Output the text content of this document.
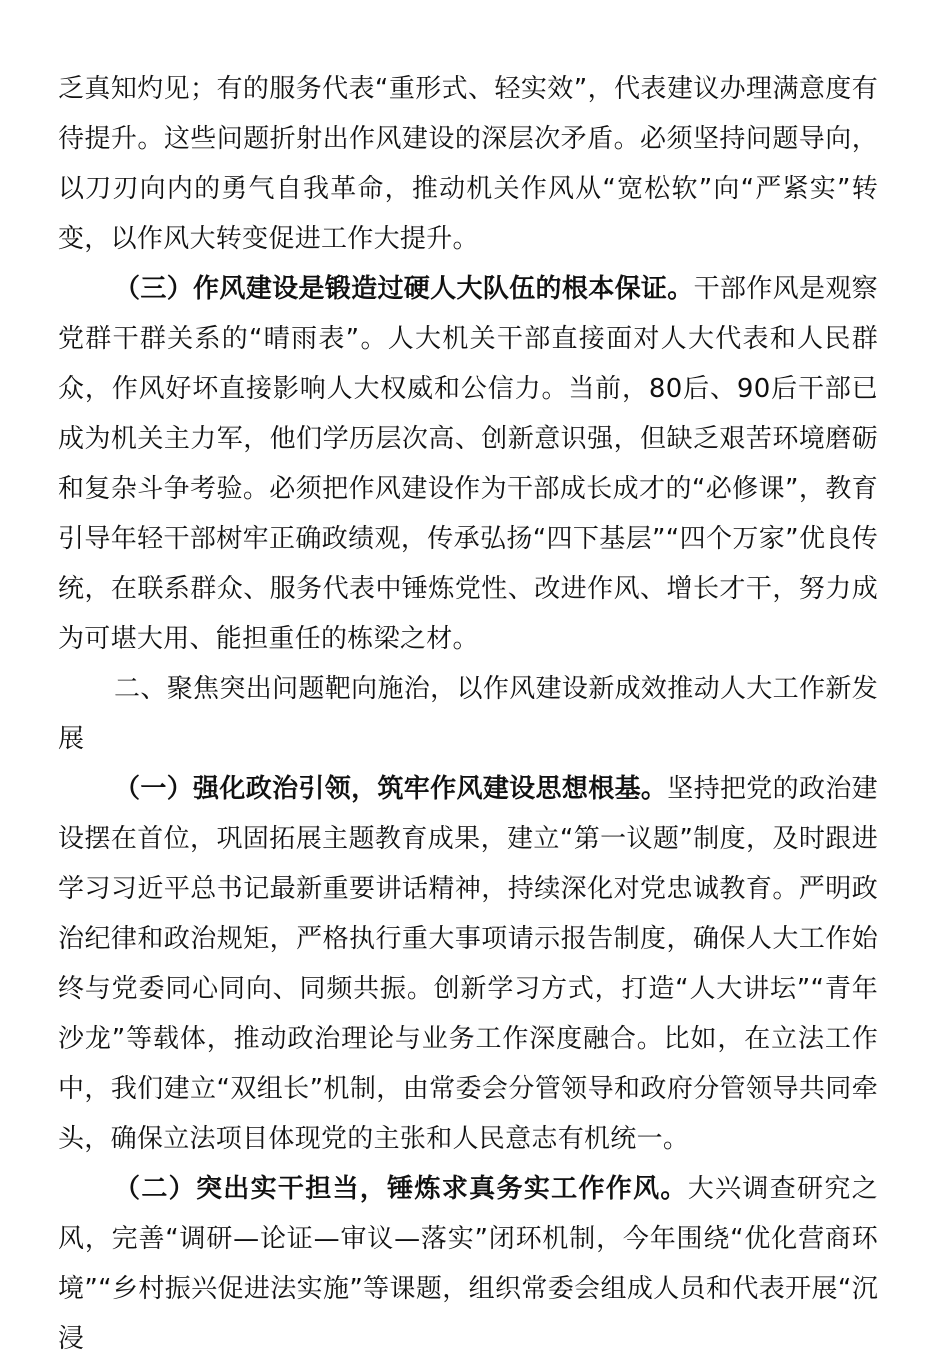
乏真知灼见；有的服务代表“重形式、轻实效”，代表建议办理满意度有待提升。这些问题折射出作风建设的深层次矛盾。必须坚持问题导向，以刀刃向内的勇气自我革命，推动机关作风从“宽松软”向“严紧实”转变，以作风大转变促进工作大提升。

（三）作风建设是锻造过硬人大队伍的根本保证。干部作风是观察党群干群关系的“晴雨表”。人大机关干部直接面对人大代表和人民群众，作风好坏直接影响人大权威和公信力。当前，80后、90后干部已成为机关主力军，他们学历层次高、创新意识强，但缺乏艰苦环境磨砺和复杂斗争考验。必须把作风建设作为干部成长成才的“必修课”，教育引导年轻干部树牢正确政绩观，传承弘扬“四下基层”“四个万家”优良传统，在联系群众、服务代表中锤炼党性、改进作风、增长才干，努力成为可堪大用、能担重任的栋梁之材。

二、聚焦突出问题靶向施治，以作风建设新成效推动人大工作新发展

（一）强化政治引领，筑牢作风建设思想根基。坚持把党的政治建设摆在首位，巩固拓展主题教育成果，建立“第一议题”制度，及时跟进学习习近平总书记最新重要讲话精神，持续深化对党忠诚教育。严明政治纪律和政治规矩，严格执行重大事项请示报告制度，确保人大工作始终与党委同心同向、同频共振。创新学习方式，打造“人大讲坛”“青年沙龙”等载体，推动政治理论与业务工作深度融合。比如，在立法工作中，我们建立“双组长”机制，由常委会分管领导和政府分管领导共同牵头，确保立法项目体现党的主张和人民意志有机统一。

（二）突出实干担当，锤炼求真务实工作作风。大兴调查研究之风，完善“调研—论证—审议—落实”闭环机制，今年围绕“优化营商环境”“乡村振兴促进法实施”等课题，组织常委会组成人员和代表开展“沉浸
